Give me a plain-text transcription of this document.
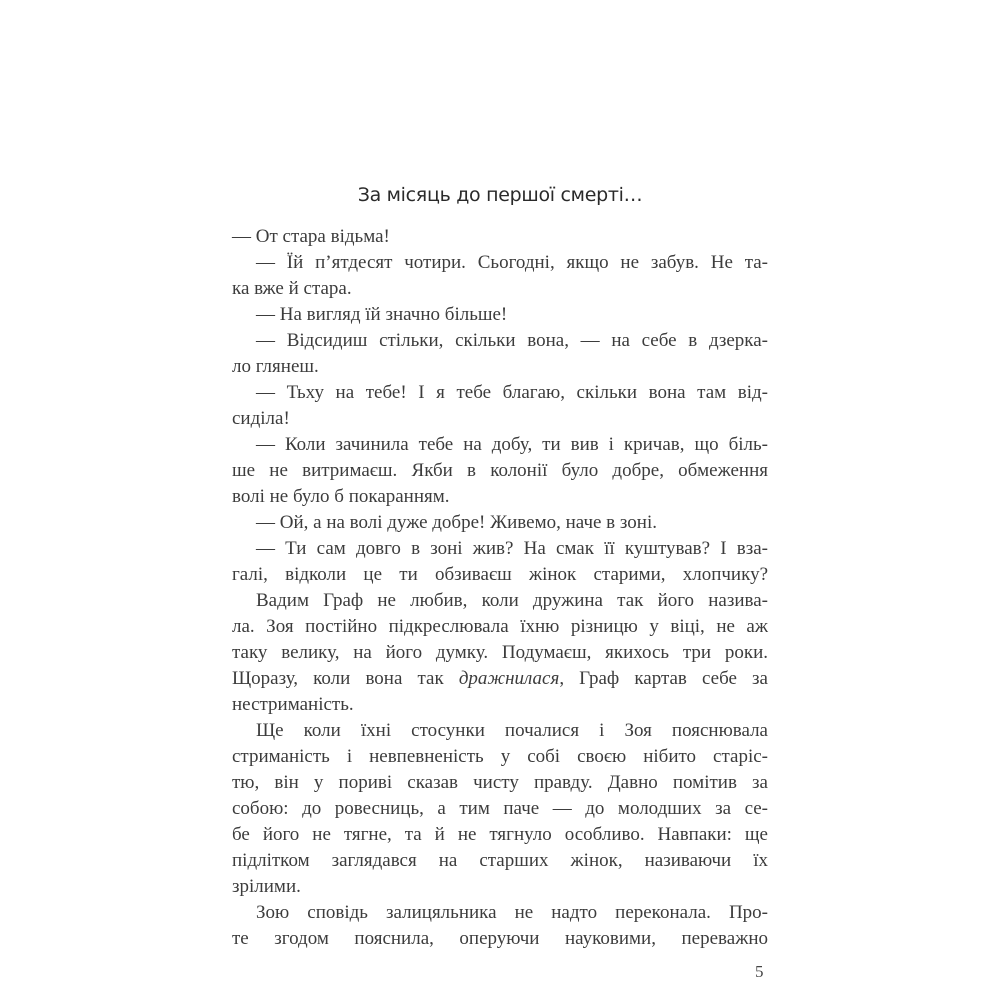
За місяць до першої смерті…
— От стара відьма!
— Їй п’ятдесят чотири. Сьогодні, якщо не забув. Не та-
ка вже й стара.
— На вигляд їй значно більше!
— Відсидиш стільки, скільки вона, — на себе в дзерка-
ло глянеш.
— Тьху на тебе! І я тебе благаю, скільки вона там від-
сиділа!
— Коли зачинила тебе на добу, ти вив і кричав, що біль-
ше не витримаєш. Якби в колонії було добре, обмеження
волі не було б покаранням.
— Ой, а на волі дуже добре! Живемо, наче в зоні.
— Ти сам довго в зоні жив? На смак її куштував? І вза-
галі, відколи це ти обзиваєш жінок старими, хлопчику?
Вадим Граф не любив, коли дружина так його назива-
ла. Зоя постійно підкреслювала їхню різницю у віці, не аж
таку велику, на його думку. Подумаєш, якихось три роки.
Щоразу, коли вона так дражнилася, Граф картав себе за
нестриманість.
Ще коли їхні стосунки почалися і Зоя пояснювала
стриманість і невпевненість у собі своєю нібито старіс-
тю, він у пориві сказав чисту правду. Давно помітив за
собою: до ровесниць, а тим паче — до молодших за се-
бе його не тягне, та й не тягнуло особливо. Навпаки: ще
підлітком заглядався на старших жінок, називаючи їх
зрілими.
Зою сповідь залицяльника не надто переконала. Про-
те згодом пояснила, оперуючи науковими, переважно
5
